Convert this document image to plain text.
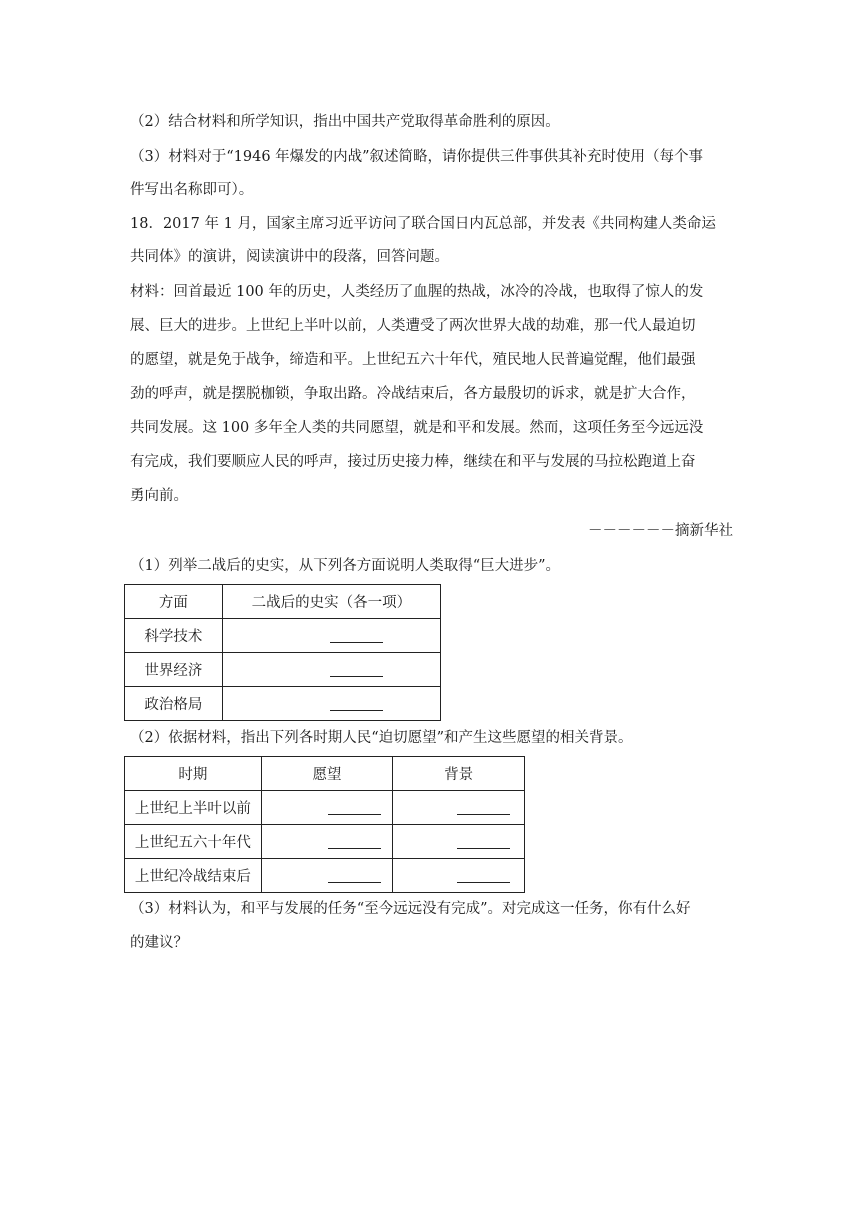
（2）结合材料和所学知识，指出中国共产党取得革命胜利的原因。
（3）材料对于“1946 年爆发的内战”叙述简略，请你提供三件事供其补充时使用（每个事
件写出名称即可）。
18．2017 年 1 月，国家主席习近平访问了联合国日内瓦总部，并发表《共同构建人类命运
共同体》的演讲，阅读演讲中的段落，回答问题。
材料：回首最近 100 年的历史，人类经历了血腥的热战，冰冷的冷战，也取得了惊人的发
展、巨大的进步。上世纪上半叶以前，人类遭受了两次世界大战的劫难，那一代人最迫切
的愿望，就是免于战争，缔造和平。上世纪五六十年代，殖民地人民普遍觉醒，他们最强
劲的呼声，就是摆脱枷锁，争取出路。冷战结束后，各方最殷切的诉求，就是扩大合作，
共同发展。这 100 多年全人类的共同愿望，就是和平和发展。然而，这项任务至今远远没
有完成，我们要顺应人民的呼声，接过历史接力棒，继续在和平与发展的马拉松跑道上奋
勇向前。
－－－－－－摘新华社
（1）列举二战后的史实，从下列各方面说明人类取得“巨大进步”。
方面	二战后的史实（各一项）
科学技术	

世界经济	

政治格局	
（2）依据材料，指出下列各时期人民“迫切愿望”和产生这些愿望的相关背景。
时期	愿望	背景
上世纪上半叶以前	

上世纪五六十年代	

上世纪冷战结束后	

（3）材料认为，和平与发展的任务“至今远远没有完成”。对完成这一任务，你有什么好
的建议？
